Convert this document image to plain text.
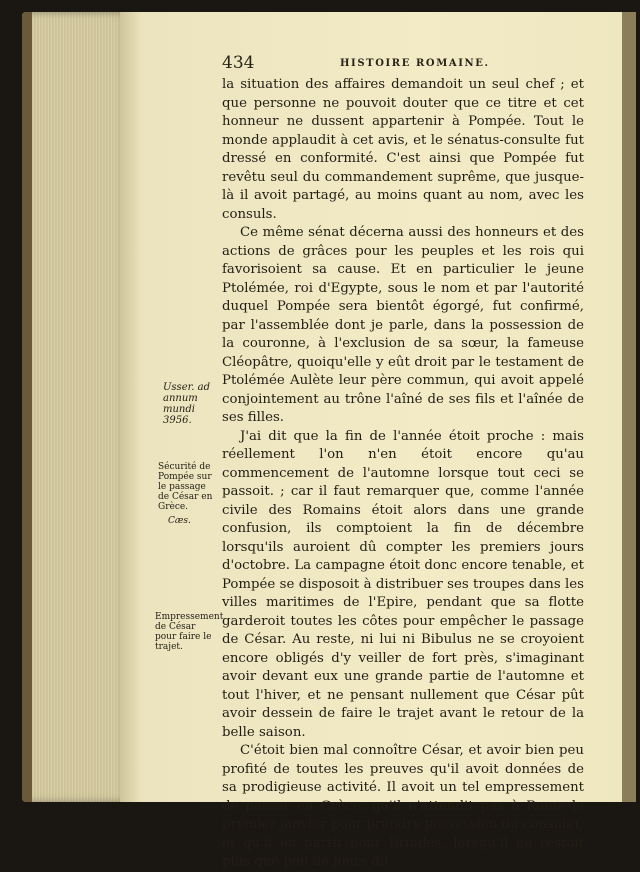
434	HISTOIRE ROMAINE.

la situation des affaires demandoit un seul chef ; et que personne ne pouvoit douter que ce titre et cet honneur ne dussent appartenir à Pompée. Tout le monde applaudit à cet avis, et le sénatus-consulte fut dressé en conformité. C'est ainsi que Pompée fut revêtu seul du commandement suprême, que jusque-là il avoit partagé, au moins quant au nom, avec les consuls.

Ce même sénat décerna aussi des honneurs et des actions de grâces pour les peuples et les rois qui favorisoient sa cause. Et en particulier le jeune Ptolémée, roi d'Egypte, sous le nom et par l'autorité duquel Pompée sera bientôt égorgé, fut confirmé, par l'assemblée dont je parle, dans la possession de la couronne, à l'exclusion de sa sœur, la fameuse Cléopâtre, quoiqu'elle y eût droit par le testament de Ptolémée Aulète leur père commun, qui avoit appelé conjointement au trône l'aîné de ses fils et l'aînée de ses filles.

J'ai dit que la fin de l'année étoit proche : mais réellement l'on n'en étoit encore qu'au commencement de l'automne lorsque tout ceci se passoit. ; car il faut remarquer que, comme l'année civile des Romains étoit alors dans une grande confusion, ils comptoient la fin de décembre lorsqu'ils auroient dû compter les premiers jours d'octobre. La campagne étoit donc encore tenable, et Pompée se disposoit à distribuer ses troupes dans les villes maritimes de l'Epire, pendant que sa flotte garderoit toutes les côtes pour empêcher le passage de César. Au reste, ni lui ni Bibulus ne se croyoient encore obligés d'y veiller de fort près, s'imaginant avoir devant eux une grande partie de l'automne et tout l'hiver, et ne pensant nullement que César pût avoir dessein de faire le trajet avant le retour de la belle saison.

C'étoit bien mal connoître César, et avoir bien peu profité de toutes les preuves qu'il avoit données de sa prodigieuse activité. Il avoit un tel empressement de passer en Grèce, qu'il n'attendit pas à Rome le premier janvier pour prendre possession du consulat, et qu'il en partit pour Brindes, lorsqu'il ne restoit plus que peu de jours du

Usser. ad annum mundi 3956.
Sécurité de Pompée sur le passage de César en Grèce.
Cæs.
Empressement de César pour faire le trajet.
